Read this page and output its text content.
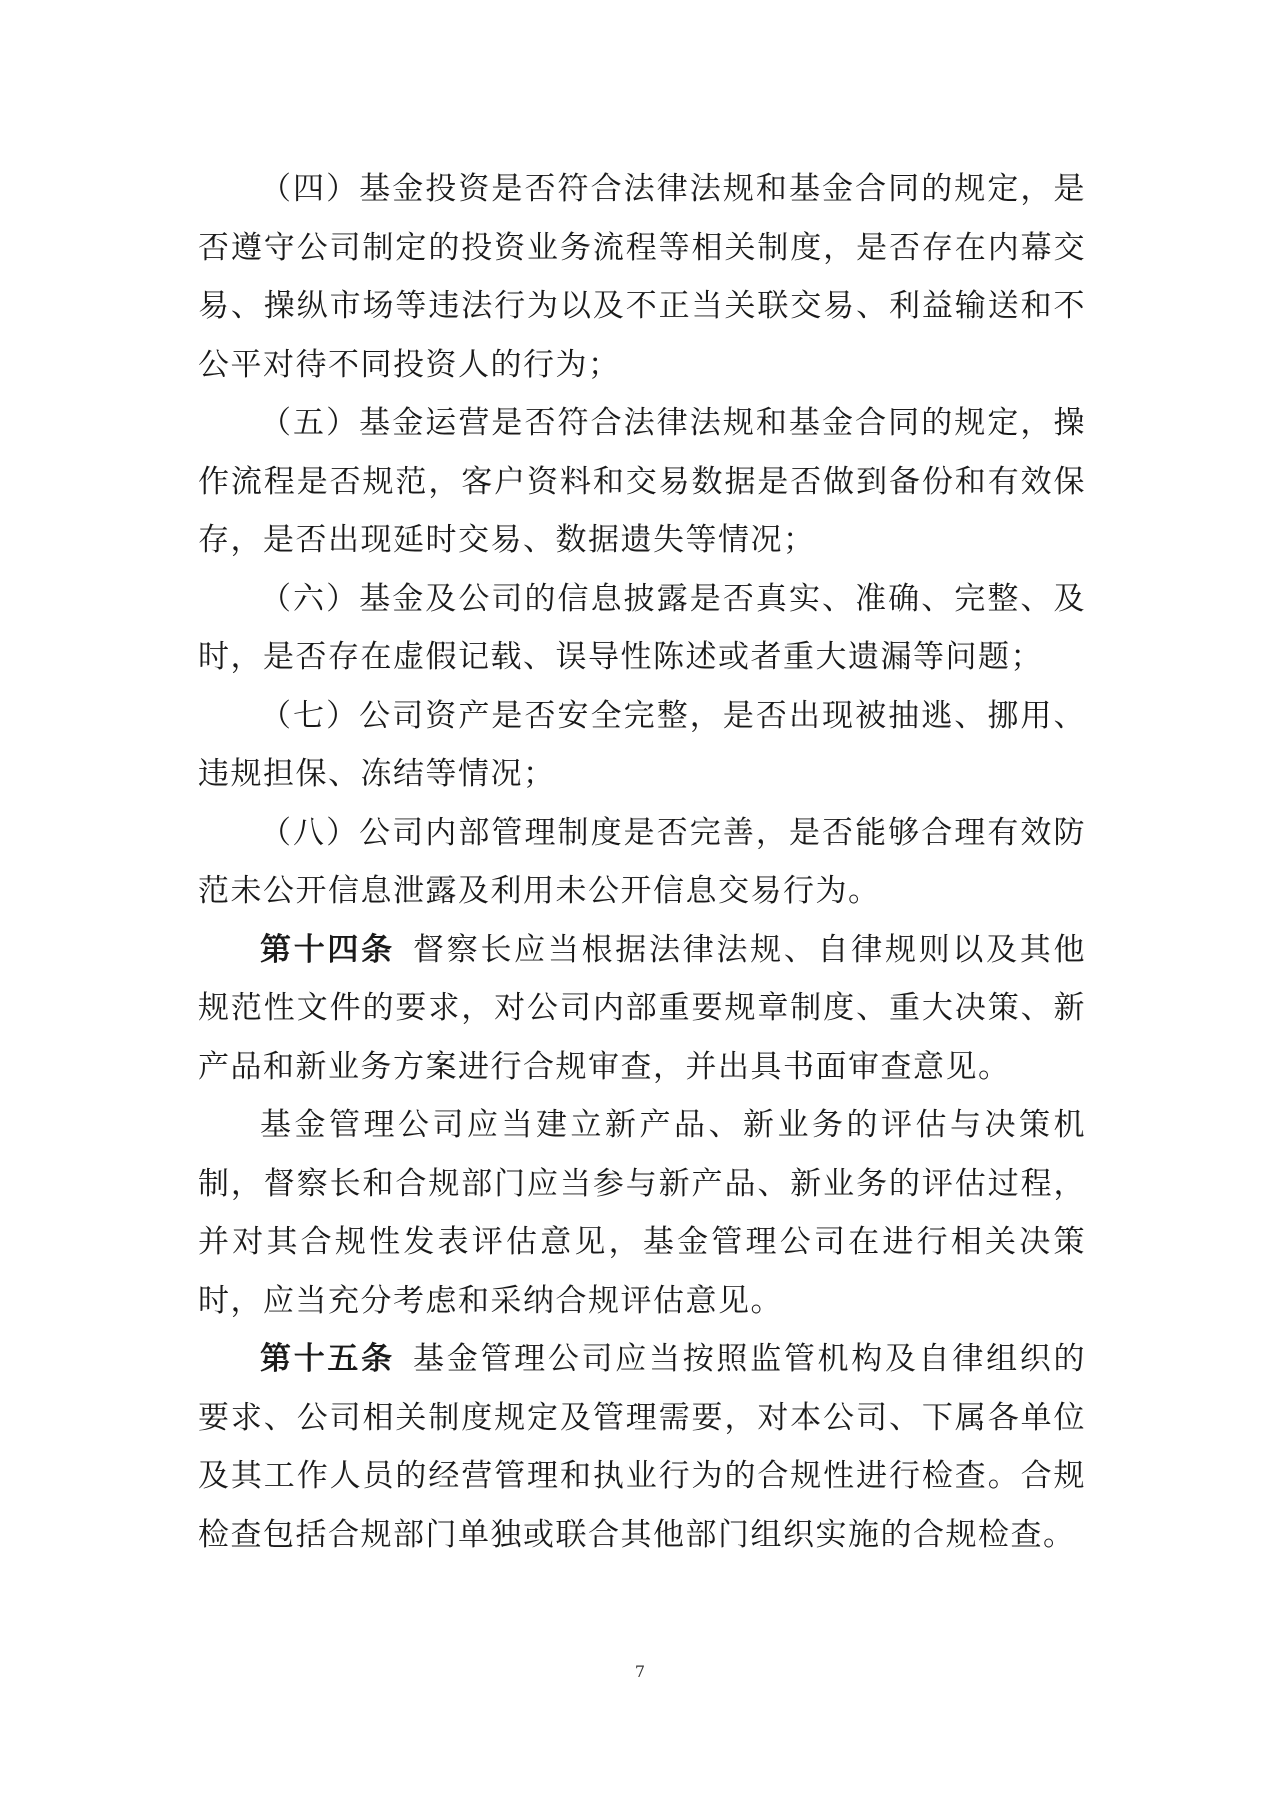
（四）基金投资是否符合法律法规和基金合同的规定，是否遵守公司制定的投资业务流程等相关制度，是否存在内幕交易、操纵市场等违法行为以及不正当关联交易、利益输送和不公平对待不同投资人的行为；

（五）基金运营是否符合法律法规和基金合同的规定，操作流程是否规范，客户资料和交易数据是否做到备份和有效保存，是否出现延时交易、数据遗失等情况；

（六）基金及公司的信息披露是否真实、准确、完整、及时，是否存在虚假记载、误导性陈述或者重大遗漏等问题；

（七）公司资产是否安全完整，是否出现被抽逃、挪用、违规担保、冻结等情况；

（八）公司内部管理制度是否完善，是否能够合理有效防范未公开信息泄露及利用未公开信息交易行为。

第十四条  督察长应当根据法律法规、自律规则以及其他规范性文件的要求，对公司内部重要规章制度、重大决策、新产品和新业务方案进行合规审查，并出具书面审查意见。

基金管理公司应当建立新产品、新业务的评估与决策机制，督察长和合规部门应当参与新产品、新业务的评估过程，并对其合规性发表评估意见，基金管理公司在进行相关决策时，应当充分考虑和采纳合规评估意见。

第十五条  基金管理公司应当按照监管机构及自律组织的要求、公司相关制度规定及管理需要，对本公司、下属各单位及其工作人员的经营管理和执业行为的合规性进行检查。合规检查包括合规部门单独或联合其他部门组织实施的合规检查。

7
